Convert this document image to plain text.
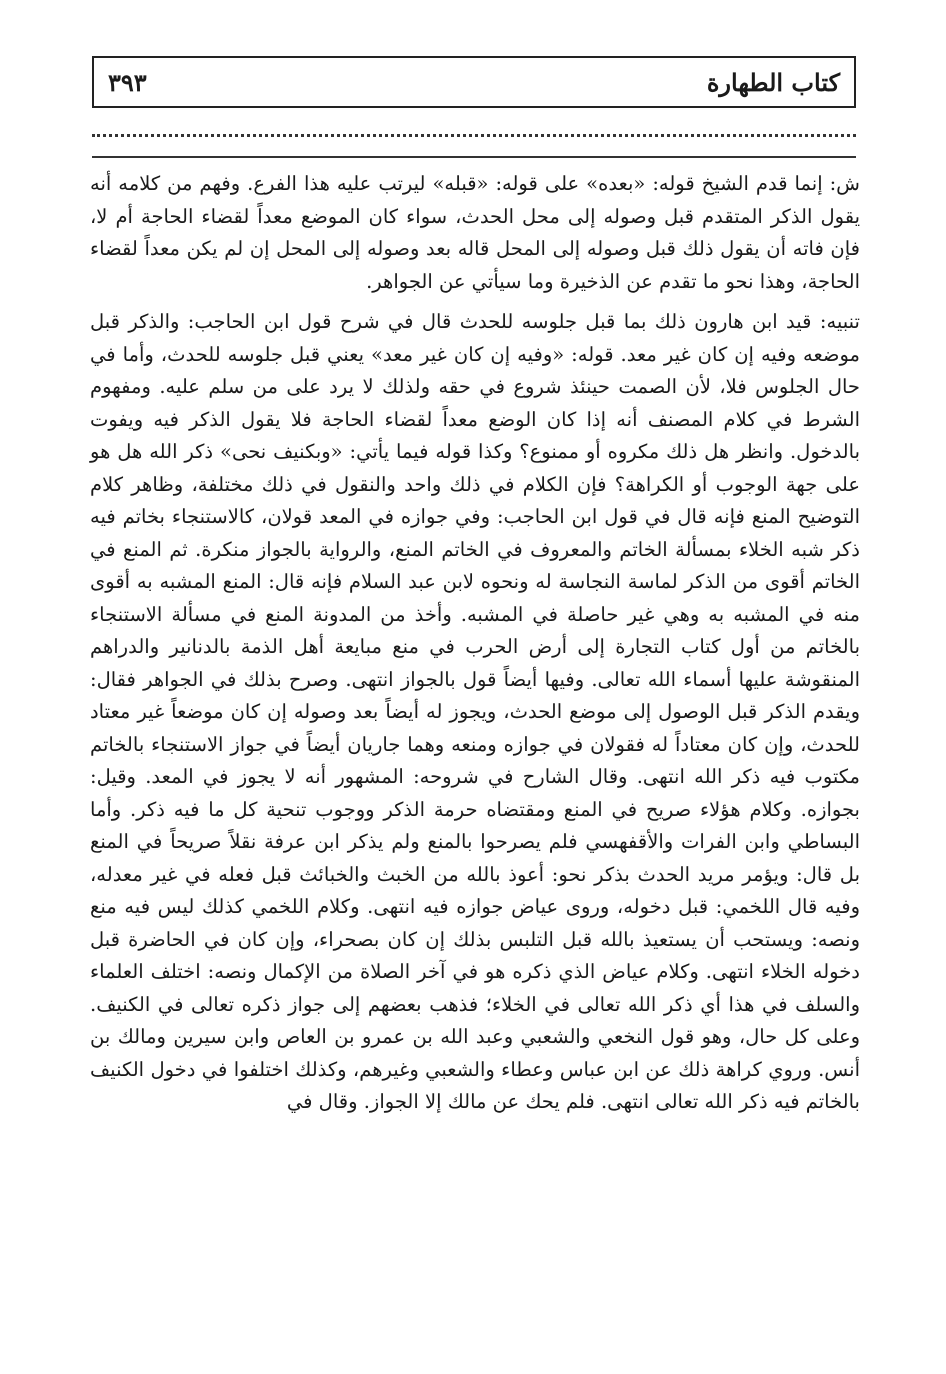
كتاب الطهارة
٣٩٣

ش: إنما قدم الشيخ قوله: «بعده» على قوله: «قبله» ليرتب عليه هذا الفرع. وفهم من كلامه أنه يقول الذكر المتقدم قبل وصوله إلى محل الحدث، سواء كان الموضع معداً لقضاء الحاجة أم لا، فإن فاته أن يقول ذلك قبل وصوله إلى المحل قاله بعد وصوله إلى المحل إن لم يكن معداً لقضاء الحاجة، وهذا نحو ما تقدم عن الذخيرة وما سيأتي عن الجواهر.

تنبيه: قيد ابن هارون ذلك بما قبل جلوسه للحدث قال في شرح قول ابن الحاجب: والذكر قبل موضعه وفيه إن كان غير معد. قوله: «وفيه إن كان غير معد» يعني قبل جلوسه للحدث، وأما في حال الجلوس فلا، لأن الصمت حينئذ شروع في حقه ولذلك لا يرد على من سلم عليه. ومفهوم الشرط في كلام المصنف أنه إذا كان الوضع معداً لقضاء الحاجة فلا يقول الذكر فيه ويفوت بالدخول. وانظر هل ذلك مكروه أو ممنوع؟ وكذا قوله فيما يأتي: «وبكنيف نحى» ذكر الله هل هو على جهة الوجوب أو الكراهة؟ فإن الكلام في ذلك واحد والنقول في ذلك مختلفة، وظاهر كلام التوضيح المنع فإنه قال في قول ابن الحاجب: وفي جوازه في المعد قولان، كالاستنجاء بخاتم فيه ذكر شبه الخلاء بمسألة الخاتم والمعروف في الخاتم المنع، والرواية بالجواز منكرة. ثم المنع في الخاتم أقوى من الذكر لماسة النجاسة له ونحوه لابن عبد السلام فإنه قال: المنع المشبه به أقوى منه في المشبه به وهي غير حاصلة في المشبه. وأخذ من المدونة المنع في مسألة الاستنجاء بالخاتم من أول كتاب التجارة إلى أرض الحرب في منع مبايعة أهل الذمة بالدنانير والدراهم المنقوشة عليها أسماء الله تعالى. وفيها أيضاً قول بالجواز انتهى. وصرح بذلك في الجواهر فقال: ويقدم الذكر قبل الوصول إلى موضع الحدث، ويجوز له أيضاً بعد وصوله إن كان موضعاً غير معتاد للحدث، وإن كان معتاداً له فقولان في جوازه ومنعه وهما جاريان أيضاً في جواز الاستنجاء بالخاتم مكتوب فيه ذكر الله انتهى. وقال الشارح في شروحه: المشهور أنه لا يجوز في المعد. وقيل: بجوازه. وكلام هؤلاء صريح في المنع ومقتضاه حرمة الذكر ووجوب تنحية كل ما فيه ذكر. وأما البساطي وابن الفرات والأقفهسي فلم يصرحوا بالمنع ولم يذكر ابن عرفة نقلاً صريحاً في المنع بل قال: ويؤمر مريد الحدث بذكر نحو: أعوذ بالله من الخبث والخبائث قبل فعله في غير معدله، وفيه قال اللخمي: قبل دخوله، وروى عياض جوازه فيه انتهى. وكلام اللخمي كذلك ليس فيه منع ونصه: ويستحب أن يستعيذ بالله قبل التلبس بذلك إن كان بصحراء، وإن كان في الحاضرة قبل دخوله الخلاء انتهى. وكلام عياض الذي ذكره هو في آخر الصلاة من الإكمال ونصه: اختلف العلماء والسلف في هذا أي ذكر الله تعالى في الخلاء؛ فذهب بعضهم إلى جواز ذكره تعالى في الكنيف. وعلى كل حال، وهو قول النخعي والشعبي وعبد الله بن عمرو بن العاص وابن سيرين ومالك بن أنس. وروي كراهة ذلك عن ابن عباس وعطاء والشعبي وغيرهم، وكذلك اختلفوا في دخول الكنيف بالخاتم فيه ذكر الله تعالى انتهى. فلم يحك عن مالك إلا الجواز. وقال في
